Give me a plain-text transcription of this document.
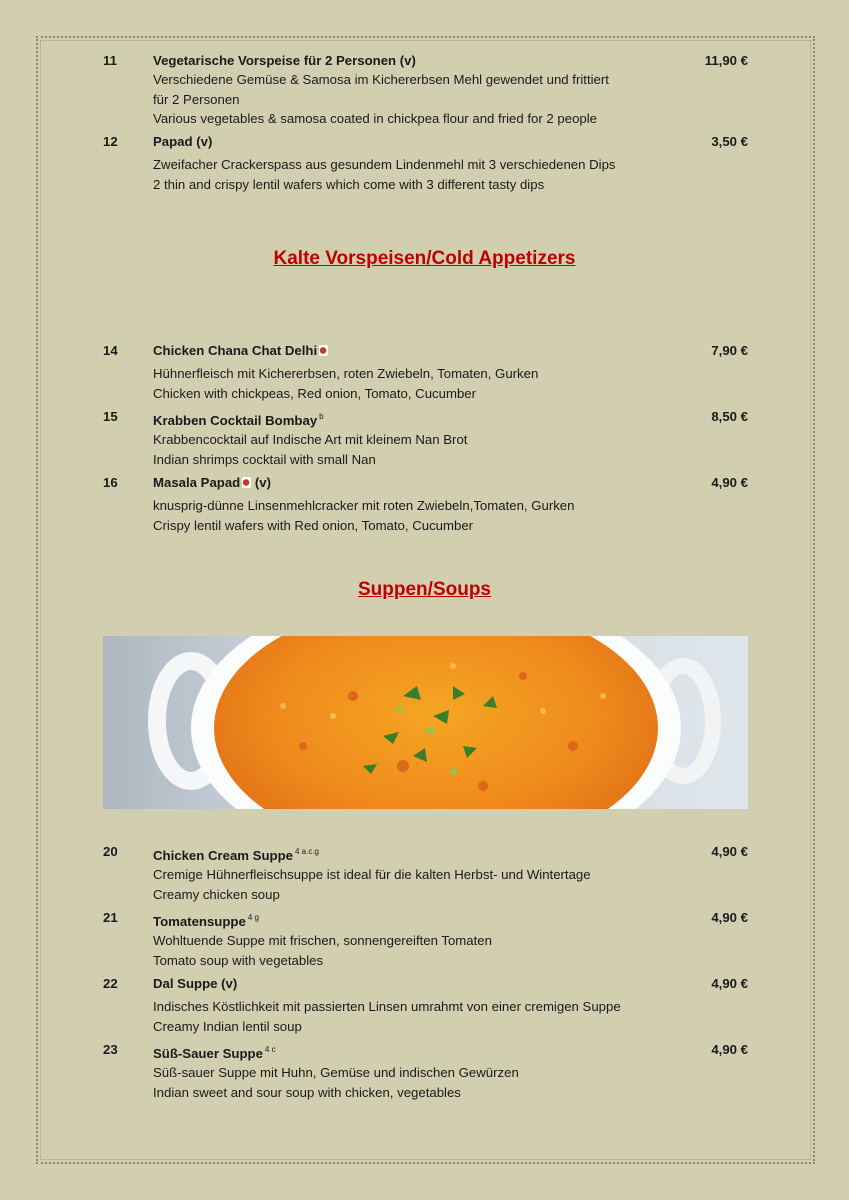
11	Vegetarische Vorspeise für 2 Personen (v)	11,90 €
Verschiedene Gemüse & Samosa im Kichererbsen Mehl gewendet und frittiert
für 2 Personen
Various vegetables & samosa coated in chickpea flour and fried for 2 people
12	Papad (v)	3,50 €
Zweifacher Crackerspass aus gesundem Lindenmehl mit 3 verschiedenen Dips
2 thin and crispy lentil wafers which come with 3 different tasty dips
Kalte Vorspeisen/Cold Appetizers
14	Chicken Chana Chat Delhi	7,90 €
Hühnerfleisch mit Kichererbsen, roten Zwiebeln, Tomaten, Gurken
Chicken with chickpeas, Red onion, Tomato, Cucumber
15	Krabben Cocktail Bombay $^b$	8,50 €
Krabbencocktail auf Indische Art mit kleinem Nan Brot
Indian shrimps cocktail with small Nan
16	Masala Papad (v)	4,90 €
knusprig-dünne Linsenmehlcracker mit roten Zwiebeln,Tomaten, Gurken
Crispy lentil wafers with Red onion, Tomato, Cucumber
Suppen/Soups
20	Chicken Cream Suppe $^{4 a.c.g}$	4,90 €
Cremige Hühnerfleischsuppe ist ideal für die kalten Herbst- und Wintertage
Creamy chicken soup
21	Tomatensuppe $^{4 g}$	4,90 €
Wohltuende Suppe mit frischen, sonnengereiften Tomaten
Tomato soup with vegetables
22	Dal Suppe (v)	4,90 €
Indisches Köstlichkeit mit passierten Linsen umrahmt von einer cremigen Suppe
Creamy Indian lentil soup
23	Süß-Sauer Suppe $^{4 c}$	4,90 €
Süß-sauer Suppe mit Huhn, Gemüse und indischen Gewürzen
Indian sweet and sour soup with chicken, vegetables
